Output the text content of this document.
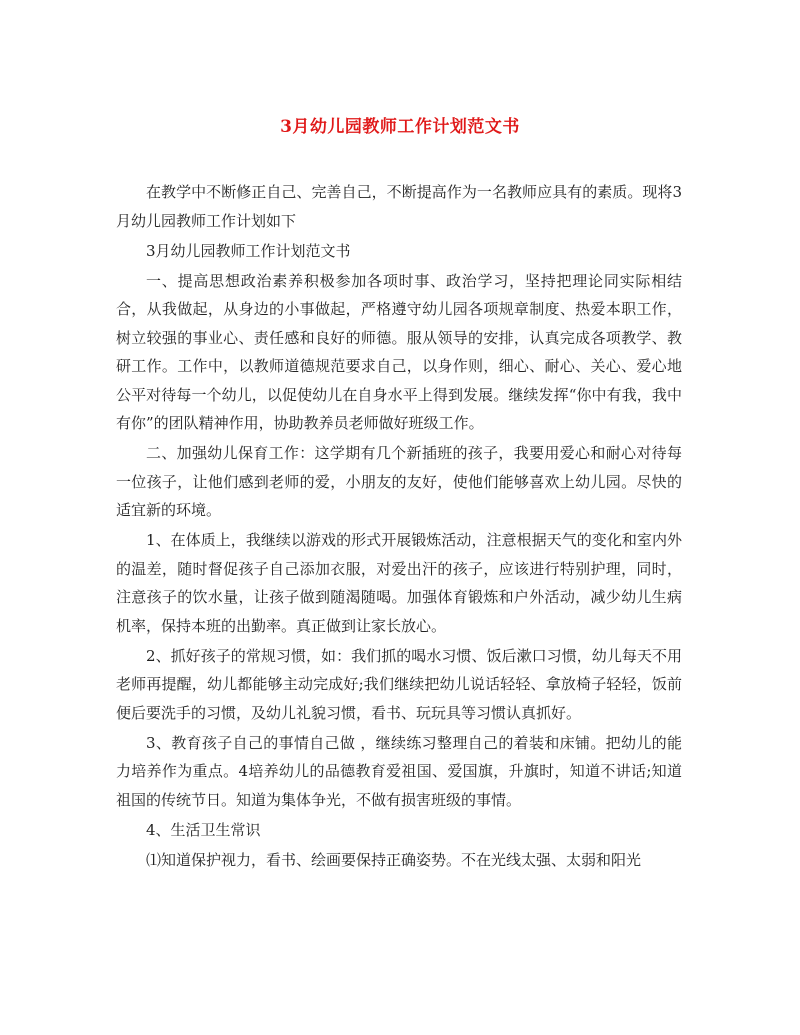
3月幼儿园教师工作计划范文书

在教学中不断修正自己、完善自己，不断提高作为一名教师应具有的素质。现将3月幼儿园教师工作计划如下

3月幼儿园教师工作计划范文书

一、提高思想政治素养积极参加各项时事、政治学习，坚持把理论同实际相结合，从我做起，从身边的小事做起，严格遵守幼儿园各项规章制度、热爱本职工作，树立较强的事业心、责任感和良好的师德。服从领导的安排，认真完成各项教学、教研工作。工作中，以教师道德规范要求自己，以身作则，细心、耐心、关心、爱心地公平对待每一个幼儿，以促使幼儿在自身水平上得到发展。继续发挥“你中有我，我中有你”的团队精神作用，协助教养员老师做好班级工作。

二、加强幼儿保育工作：这学期有几个新插班的孩子，我要用爱心和耐心对待每一位孩子，让他们感到老师的爱，小朋友的友好，使他们能够喜欢上幼儿园。尽快的适宜新的环境。

1、在体质上，我继续以游戏的形式开展锻炼活动，注意根据天气的变化和室内外的温差，随时督促孩子自己添加衣服，对爱出汗的孩子，应该进行特别护理，同时，注意孩子的饮水量，让孩子做到随渴随喝。加强体育锻炼和户外活动，减少幼儿生病机率，保持本班的出勤率。真正做到让家长放心。

2、抓好孩子的常规习惯，如：我们抓的喝水习惯、饭后漱口习惯，幼儿每天不用老师再提醒，幼儿都能够主动完成好;我们继续把幼儿说话轻轻、拿放椅子轻轻，饭前便后要洗手的习惯，及幼儿礼貌习惯，看书、玩玩具等习惯认真抓好。

3、教育孩子自己的事情自己做 ，继续练习整理自己的着装和床铺。把幼儿的能力培养作为重点。4培养幼儿的品德教育爱祖国、爱国旗，升旗时，知道不讲话;知道祖国的传统节日。知道为集体争光，不做有损害班级的事情。

4、生活卫生常识

⑴知道保护视力，看书、绘画要保持正确姿势。不在光线太强、太弱和阳光
